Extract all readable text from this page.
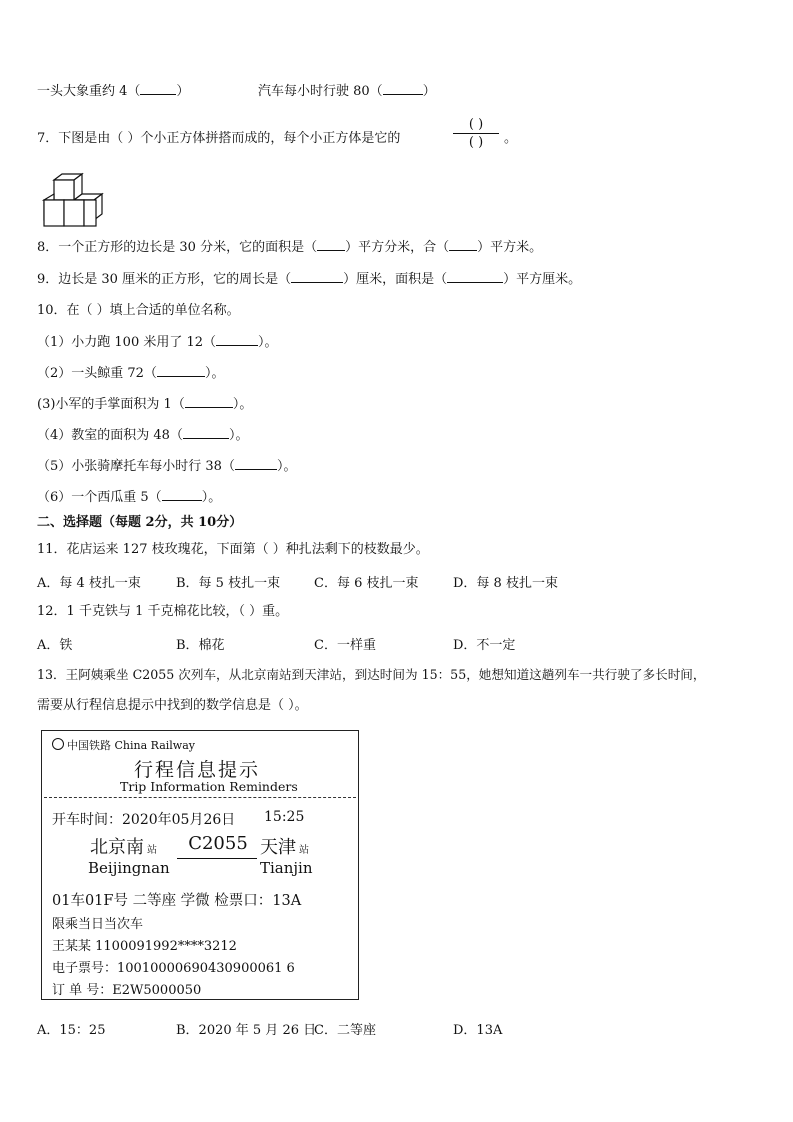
一头大象重约 4（	）	汽车每小时行驶 80（	）
7．下图是由（ ）个小正方体拼搭而成的，每个小正方体是它的
( )
( )	。
8．一个正方形的边长是 30 分米，它的面积是（ ）平方分米，合（ ）平方米。
9．边长是 30 厘米的正方形，它的周长是（	）厘米，面积是（	）平方厘米。
10．在（ ）填上合适的单位名称。
（1）小力跑 100 米用了 12（	）。
（2）一头鲸重 72（	）。
(3)小军的手掌面积为 1（	）。
（4）教室的面积为 48（	）。
（5）小张骑摩托车每小时行 38（	）。
（6）一个西瓜重 5（	）。
二、选择题（每题 2分，共 10分）
11．花店运来 127 枝玫瑰花，下面第（ ）种扎法剩下的枝数最少。
A．每 4 枝扎一束	B．每 5 枝扎一束	C．每 6 枝扎一束	D．每 8 枝扎一束
12．1 千克铁与 1 千克棉花比较，（ ）重。
A．铁	B．棉花	C．一样重	D．不一定
13．王阿姨乘坐 C2055 次列车，从北京南站到天津站，到达时间为 15：55，她想知道这趟列车一共行驶了多长时间，
需要从行程信息提示中找到的数学信息是（ ）。
中国铁路 China Railway
行程信息提示
Trip Information Reminders
开车时间：2020年05月26日 15:25
北京南 站
Beijingnan
C2055 天津 站
Tianjin
01车01F号 二等座 学微 检票口：13A
限乘当日当次车
王某某 1100091992****3212
电子票号：10010000690430900061 6
订 单 号：E2W5000050
A．15：25	B．2020 年 5 月 26 日
C．二等座	D．13A
